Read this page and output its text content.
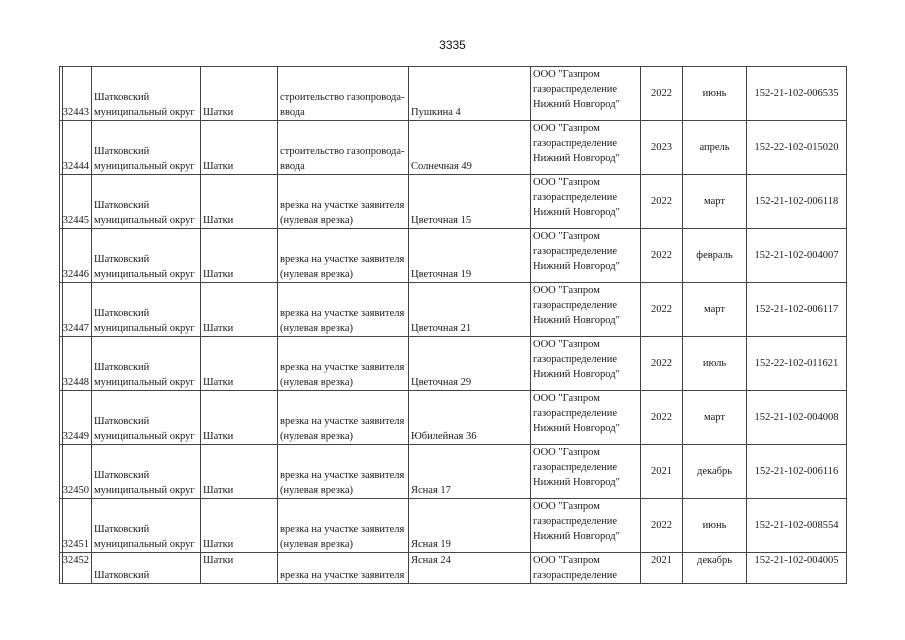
3335
32443	Шатковский
муниципальный округ	Шатки	строительство газопровода-
ввода	Пушкина 4	ООО "Газпром
газораспределение
Нижний Новгород"	2022	июнь	152-21-102-006535
32444	Шатковский
муниципальный округ	Шатки	строительство газопровода-
ввода	Солнечная 49	ООО "Газпром
газораспределение
Нижний Новгород"	2023	апрель	152-22-102-015020
32445	Шатковский
муниципальный округ	Шатки	врезка на участке заявителя
(нулевая врезка)	Цветочная 15	ООО "Газпром
газораспределение
Нижний Новгород"	2022	март	152-21-102-006118
32446	Шатковский
муниципальный округ	Шатки	врезка на участке заявителя
(нулевая врезка)	Цветочная 19	ООО "Газпром
газораспределение
Нижний Новгород"	2022	февраль	152-21-102-004007
32447	Шатковский
муниципальный округ	Шатки	врезка на участке заявителя
(нулевая врезка)	Цветочная 21	ООО "Газпром
газораспределение
Нижний Новгород"	2022	март	152-21-102-006117
32448	Шатковский
муниципальный округ	Шатки	врезка на участке заявителя
(нулевая врезка)	Цветочная 29	ООО "Газпром
газораспределение
Нижний Новгород"	2022	июль	152-22-102-011621
32449	Шатковский
муниципальный округ	Шатки	врезка на участке заявителя
(нулевая врезка)	Юбилейная 36	ООО "Газпром
газораспределение
Нижний Новгород"	2022	март	152-21-102-004008
32450	Шатковский
муниципальный округ	Шатки	врезка на участке заявителя
(нулевая врезка)	Ясная 17	ООО "Газпром
газораспределение
Нижний Новгород"	2021	декабрь	152-21-102-006116
32451	Шатковский
муниципальный округ	Шатки	врезка на участке заявителя
(нулевая врезка)	Ясная 19	ООО "Газпром
газораспределение
Нижний Новгород"	2022	июнь	152-21-102-008554
32452	Шатковский	Шатки	врезка на участке заявителя	Ясная 24	ООО "Газпром
газораспределение	2021	декабрь	152-21-102-004005
